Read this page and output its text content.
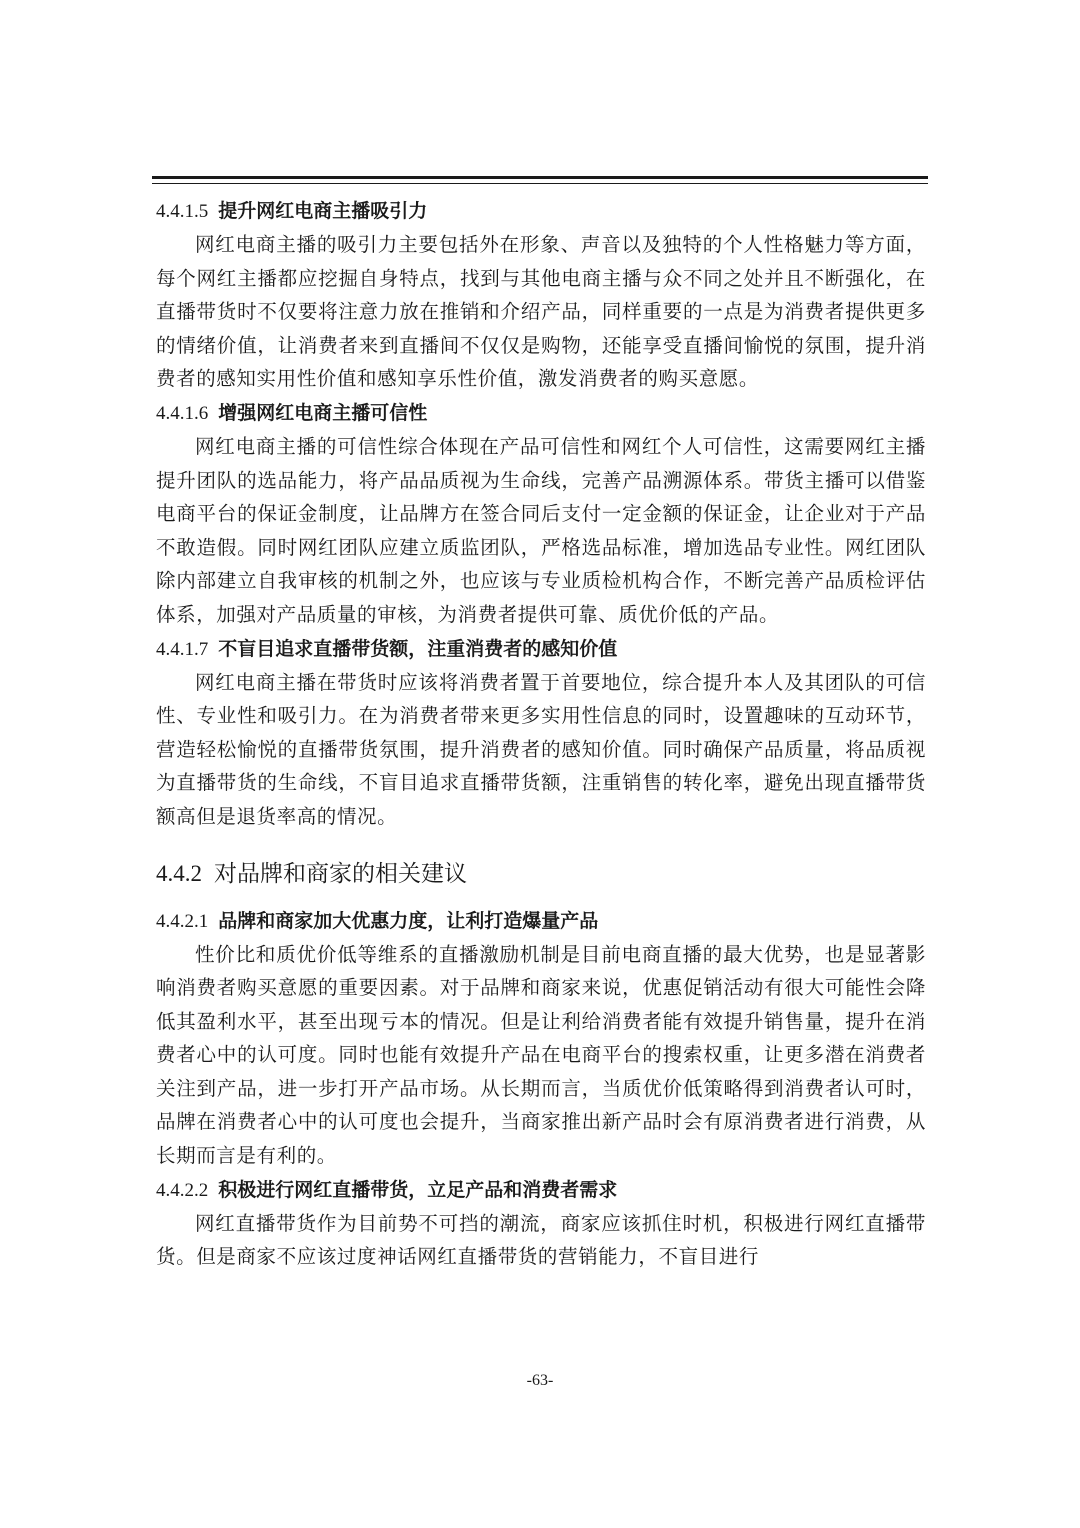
4.4.1.5 提升网红电商主播吸引力

网红电商主播的吸引力主要包括外在形象、声音以及独特的个人性格魅力等方面，每个网红主播都应挖掘自身特点，找到与其他电商主播与众不同之处并且不断强化，在直播带货时不仅要将注意力放在推销和介绍产品，同样重要的一点是为消费者提供更多的情绪价值，让消费者来到直播间不仅仅是购物，还能享受直播间愉悦的氛围，提升消费者的感知实用性价值和感知享乐性价值，激发消费者的购买意愿。

4.4.1.6 增强网红电商主播可信性

网红电商主播的可信性综合体现在产品可信性和网红个人可信性，这需要网红主播提升团队的选品能力，将产品品质视为生命线，完善产品溯源体系。带货主播可以借鉴电商平台的保证金制度，让品牌方在签合同后支付一定金额的保证金，让企业对于产品不敢造假。同时网红团队应建立质监团队，严格选品标准，增加选品专业性。网红团队除内部建立自我审核的机制之外，也应该与专业质检机构合作，不断完善产品质检评估体系，加强对产品质量的审核，为消费者提供可靠、质优价低的产品。

4.4.1.7 不盲目追求直播带货额，注重消费者的感知价值

网红电商主播在带货时应该将消费者置于首要地位，综合提升本人及其团队的可信性、专业性和吸引力。在为消费者带来更多实用性信息的同时，设置趣味的互动环节，营造轻松愉悦的直播带货氛围，提升消费者的感知价值。同时确保产品质量，将品质视为直播带货的生命线，不盲目追求直播带货额，注重销售的转化率，避免出现直播带货额高但是退货率高的情况。

4.4.2 对品牌和商家的相关建议
4.4.2.1 品牌和商家加大优惠力度，让利打造爆量产品

性价比和质优价低等维系的直播激励机制是目前电商直播的最大优势，也是显著影响消费者购买意愿的重要因素。对于品牌和商家来说，优惠促销活动有很大可能性会降低其盈利水平，甚至出现亏本的情况。但是让利给消费者能有效提升销售量，提升在消费者心中的认可度。同时也能有效提升产品在电商平台的搜索权重，让更多潜在消费者关注到产品，进一步打开产品市场。从长期而言，当质优价低策略得到消费者认可时，品牌在消费者心中的认可度也会提升，当商家推出新产品时会有原消费者进行消费，从长期而言是有利的。

4.4.2.2 积极进行网红直播带货，立足产品和消费者需求

网红直播带货作为目前势不可挡的潮流，商家应该抓住时机，积极进行网红直播带货。但是商家不应该过度神话网红直播带货的营销能力，不盲目进行

-63-
